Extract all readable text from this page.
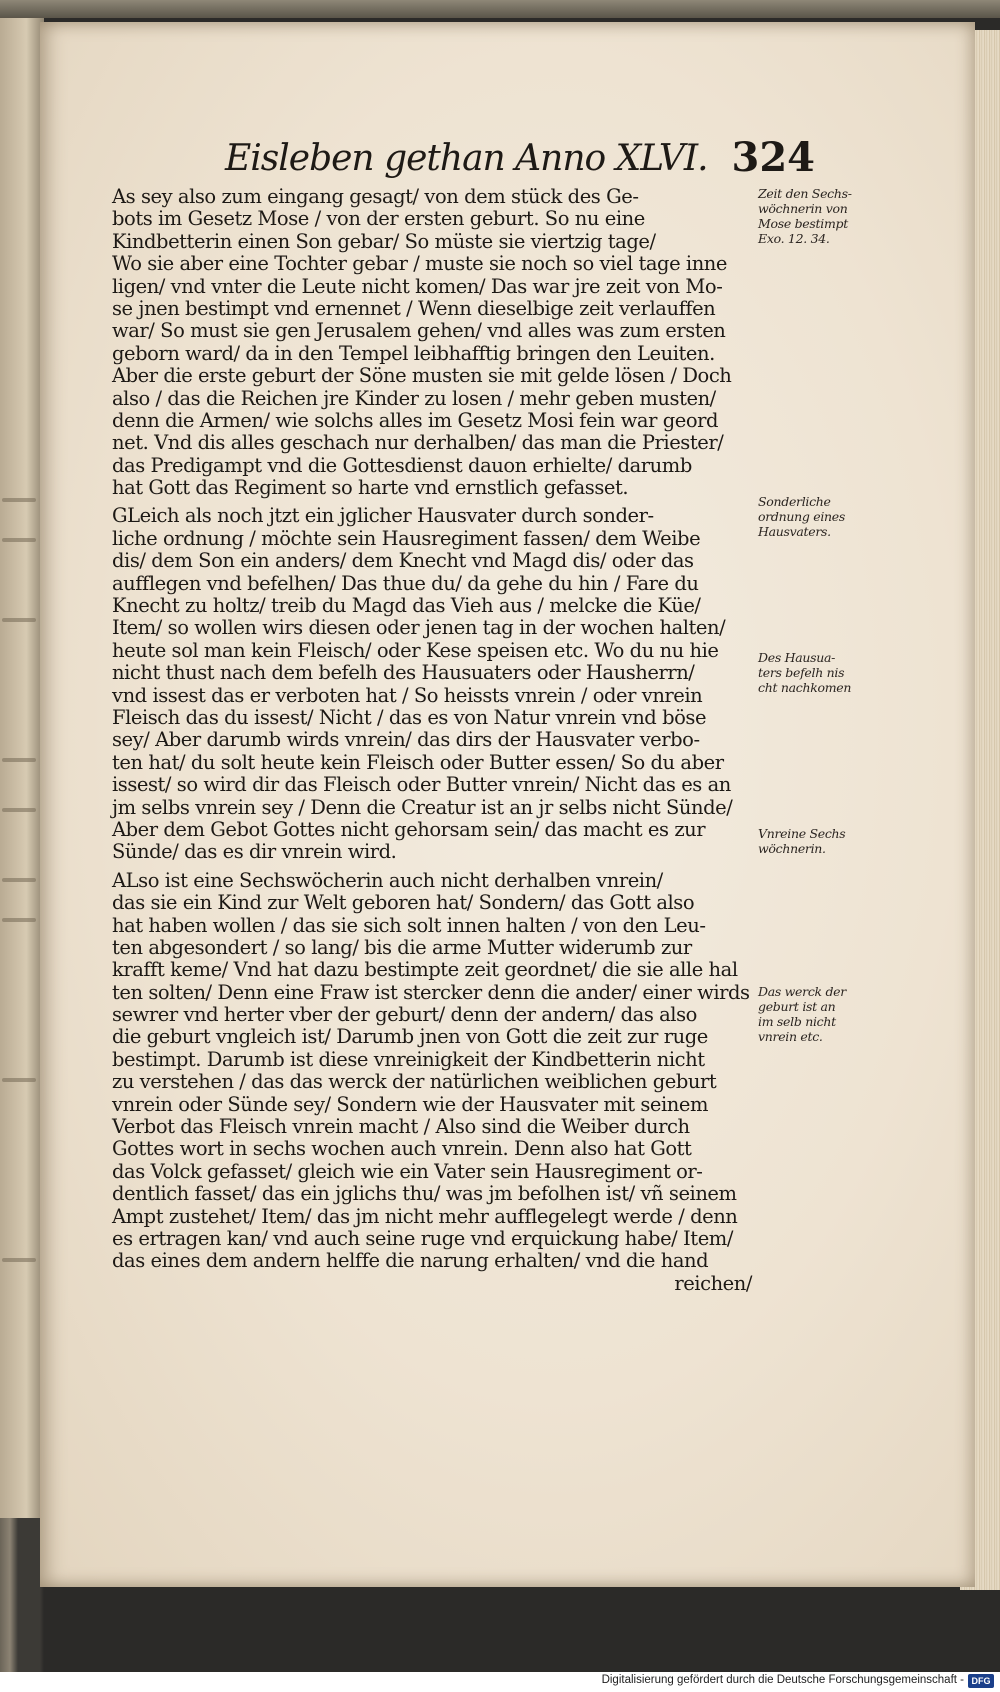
Eisleben gethan Anno XLVI. 324
As sey also zum eingang gesagt/ von dem stück des Ge-
bots im Gesetz Mose / von der ersten geburt. So nu eine
Kindbetterin einen Son gebar/ So müste sie viertzig tage/
Wo sie aber eine Tochter gebar / muste sie noch so viel tage inne
ligen/ vnd vnter die Leute nicht komen/ Das war jre zeit von Mo-
se jnen bestimpt vnd ernennet / Wenn dieselbige zeit verlauffen
war/ So must sie gen Jerusalem gehen/ vnd alles was zum ersten
geborn ward/ da in den Tempel leibhafftig bringen den Leuiten.
Aber die erste geburt der Söne musten sie mit gelde lösen / Doch
also / das die Reichen jre Kinder zu losen / mehr geben musten/
denn die Armen/ wie solchs alles im Gesetz Mosi fein war geord
net. Vnd dis alles geschach nur derhalben/ das man die Priester/
das Predigampt vnd die Gottesdienst dauon erhielte/ darumb
hat Gott das Regiment so harte vnd ernstlich gefasset.
GLeich als noch jtzt ein jglicher Hausvater durch sonder-
liche ordnung / möchte sein Hausregiment fassen/ dem Weibe
dis/ dem Son ein anders/ dem Knecht vnd Magd dis/ oder das
aufflegen vnd befelhen/ Das thue du/ da gehe du hin / Fare du
Knecht zu holtz/ treib du Magd das Vieh aus / melcke die Küe/
Item/ so wollen wirs diesen oder jenen tag in der wochen halten/
heute sol man kein Fleisch/ oder Kese speisen etc. Wo du nu hie
nicht thust nach dem befelh des Hausuaters oder Hausherrn/
vnd issest das er verboten hat / So heissts vnrein / oder vnrein
Fleisch das du issest/ Nicht / das es von Natur vnrein vnd böse
sey/ Aber darumb wirds vnrein/ das dirs der Hausvater verbo-
ten hat/ du solt heute kein Fleisch oder Butter essen/ So du aber
issest/ so wird dir das Fleisch oder Butter vnrein/ Nicht das es an
jm selbs vnrein sey / Denn die Creatur ist an jr selbs nicht Sünde/
Aber dem Gebot Gottes nicht gehorsam sein/ das macht es zur
Sünde/ das es dir vnrein wird.
ALso ist eine Sechswöcherin auch nicht derhalben vnrein/
das sie ein Kind zur Welt geboren hat/ Sondern/ das Gott also
hat haben wollen / das sie sich solt innen halten / von den Leu-
ten abgesondert / so lang/ bis die arme Mutter widerumb zur
krafft keme/ Vnd hat dazu bestimpte zeit geordnet/ die sie alle hal
ten solten/ Denn eine Fraw ist stercker denn die ander/ einer wirds
sewrer vnd herter vber der geburt/ denn der andern/ das also
die geburt vngleich ist/ Darumb jnen von Gott die zeit zur ruge
bestimpt. Darumb ist diese vnreinigkeit der Kindbetterin nicht
zu verstehen / das das werck der natürlichen weiblichen geburt
vnrein oder Sünde sey/ Sondern wie der Hausvater mit seinem
Verbot das Fleisch vnrein macht / Also sind die Weiber durch
Gottes wort in sechs wochen auch vnrein. Denn also hat Gott
das Volck gefasset/ gleich wie ein Vater sein Hausregiment or-
dentlich fasset/ das ein jglichs thu/ was jm befolhen ist/ vñ seinem
Ampt zustehet/ Item/ das jm nicht mehr aufflegelegt werde / denn
es ertragen kan/ vnd auch seine ruge vnd erquickung habe/ Item/
das eines dem andern helffe die narung erhalten/ vnd die hand
reichen/
Zeit den Sechs-
wöchnerin von
Mose bestimpt
Exo. 12. 34.
Sonderliche
ordnung eines
Hausvaters.
Des Hausua-
ters befelh nis
cht nachkomen
Vnreine Sechs
wöchnerin.
Das werck der
geburt ist an
im selb nicht
vnrein etc.
Digitalisierung gefördert durch die Deutsche Forschungsgemeinschaft - DFG
